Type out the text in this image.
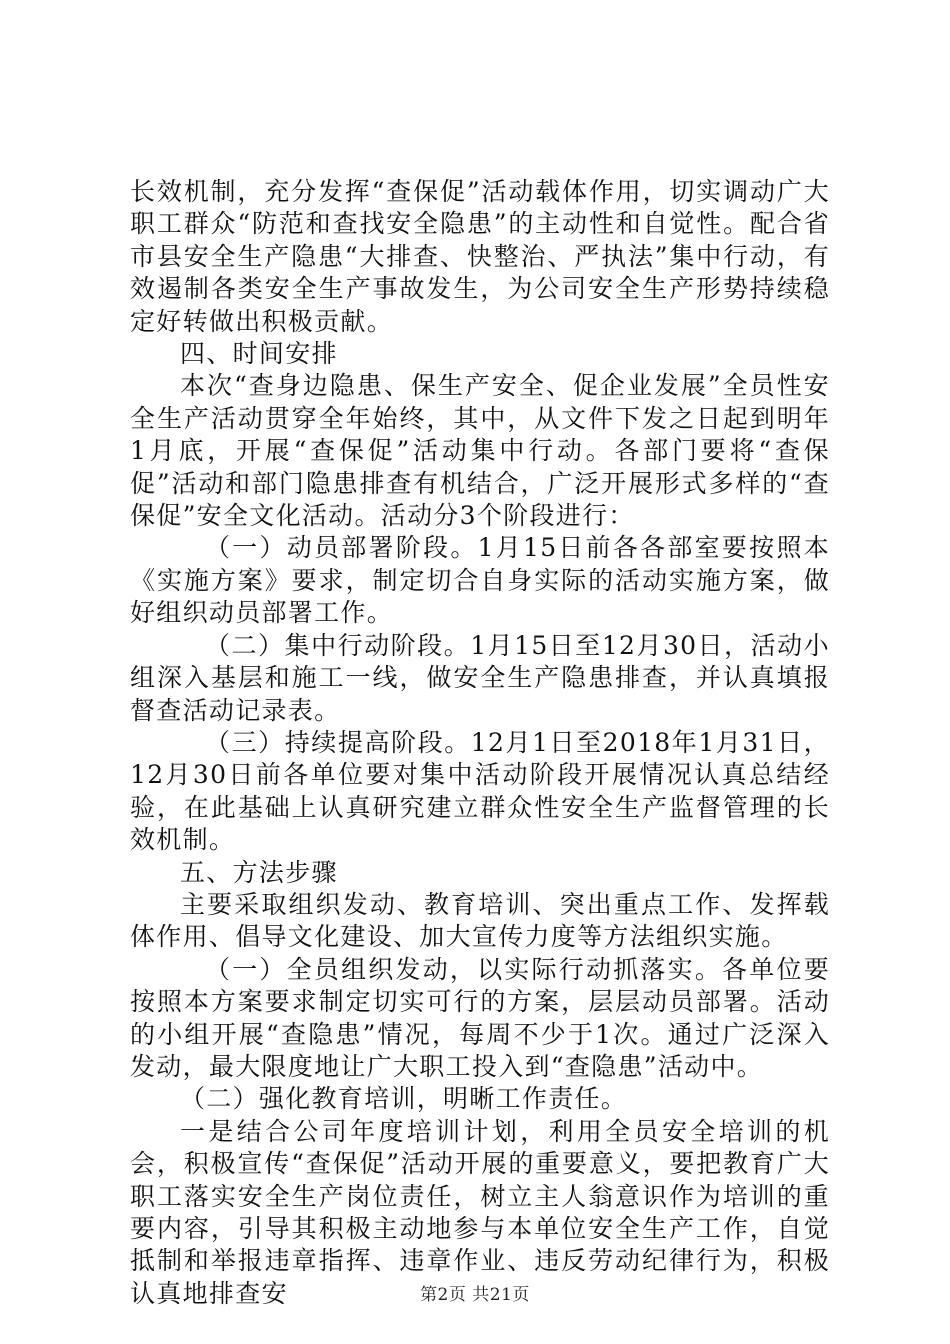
长效机制，充分发挥“查保促”活动载体作用，切实调动广大职工群众“防范和查找安全隐患”的主动性和自觉性。配合省市县安全生产隐患“大排查、快整治、严执法”集中行动，有效遏制各类安全生产事故发生，为公司安全生产形势持续稳定好转做出积极贡献。

四、时间安排

本次“查身边隐患、保生产安全、促企业发展”全员性安全生产活动贯穿全年始终，其中，从文件下发之日起到明年1月底，开展“查保促”活动集中行动。各部门要将“查保促”活动和部门隐患排查有机结合，广泛开展形式多样的“查保促”安全文化活动。活动分3个阶段进行：

（一）动员部署阶段。1月15日前各各部室要按照本《实施方案》要求，制定切合自身实际的活动实施方案，做好组织动员部署工作。

（二）集中行动阶段。1月15日至12月30日，活动小组深入基层和施工一线，做安全生产隐患排查，并认真填报督查活动记录表。

（三）持续提高阶段。12月1日至2018年1月31日，12月30日前各单位要对集中活动阶段开展情况认真总结经验，在此基础上认真研究建立群众性安全生产监督管理的长效机制。

五、方法步骤

主要采取组织发动、教育培训、突出重点工作、发挥载体作用、倡导文化建设、加大宣传力度等方法组织实施。

（一）全员组织发动，以实际行动抓落实。各单位要按照本方案要求制定切实可行的方案，层层动员部署。活动的小组开展“查隐患”情况，每周不少于1次。通过广泛深入发动，最大限度地让广大职工投入到“查隐患”活动中。

（二）强化教育培训，明晰工作责任。

一是结合公司年度培训计划，利用全员安全培训的机会，积极宣传“查保促”活动开展的重要意义，要把教育广大职工落实安全生产岗位责任，树立主人翁意识作为培训的重要内容，引导其积极主动地参与本单位安全生产工作，自觉抵制和举报违章指挥、违章作业、违反劳动纪律行为，积极认真地排查安	第2页 共21页
